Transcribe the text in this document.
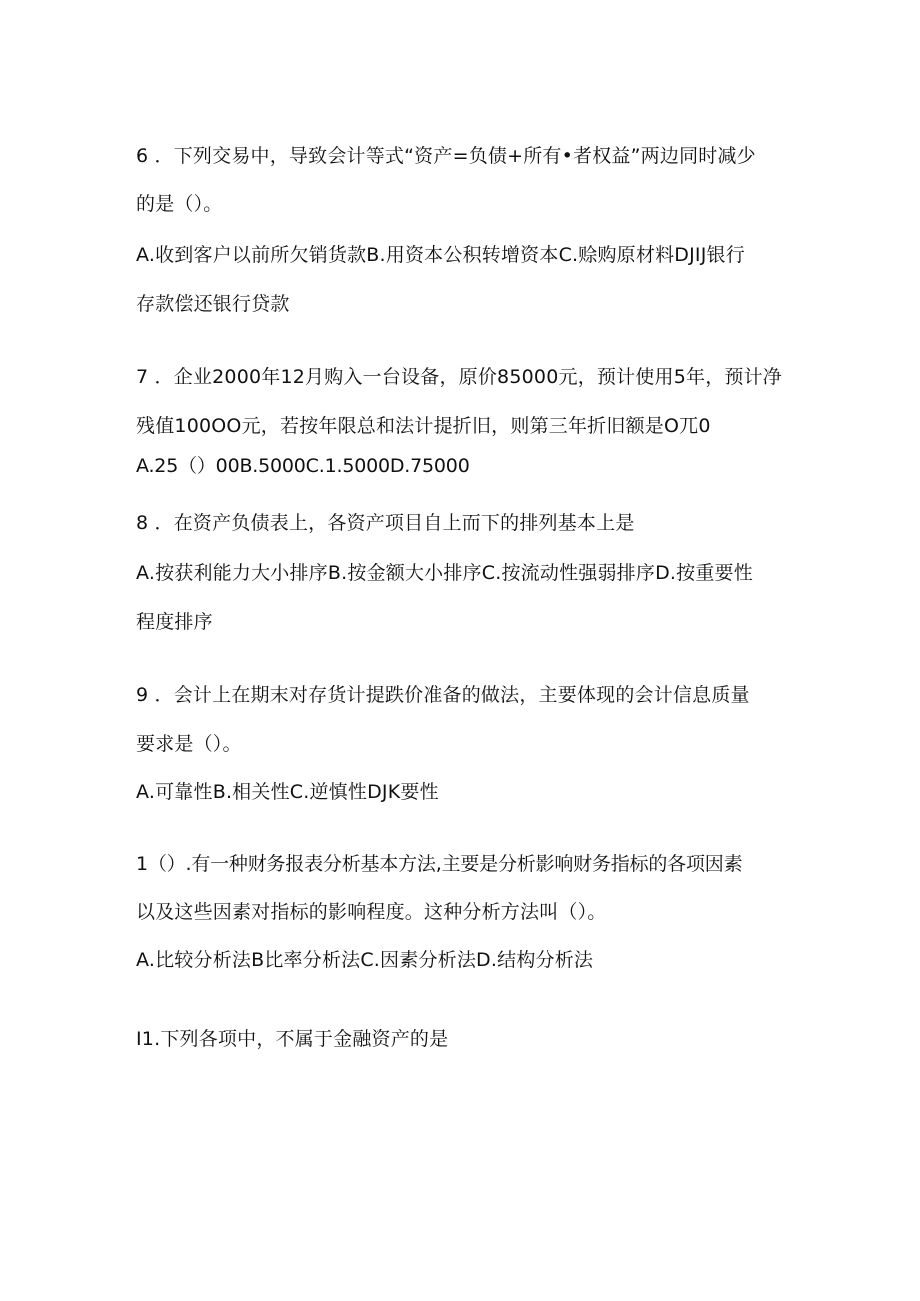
6 ．下列交易中，导致会计等式“资产=负债+所有•者权益”两边同时减少
的是（）。
A.收到客户以前所欠销货款B.用资本公积转增资本C.赊购原材料DJIJ银行
存款偿还银行贷款
7 ．企业2000年12月购入一台设备，原价85000元，预计使用5年，预计净
残值100OO元，若按年限总和法计提折旧，则第三年折旧额是O兀0
A.25（）00B.5000C.1.5000D.75000
8 ．在资产负债表上，各资产项目自上而下的排列基本上是
A.按获利能力大小排序B.按金额大小排序C.按流动性强弱排序D.按重要性
程度排序
9 ．会计上在期末对存货计提跌价准备的做法，主要体现的会计信息质量
要求是（）。
A.可靠性B.相关性C.逆慎性DJK要性
1（）.有一种财务报表分析基本方法,主要是分析影响财务指标的各项因素
以及这些因素对指标的影响程度。这种分析方法叫（）。
A.比较分析法B比率分析法C.因素分析法D.结构分析法
I1.下列各项中，不属于金融资产的是
